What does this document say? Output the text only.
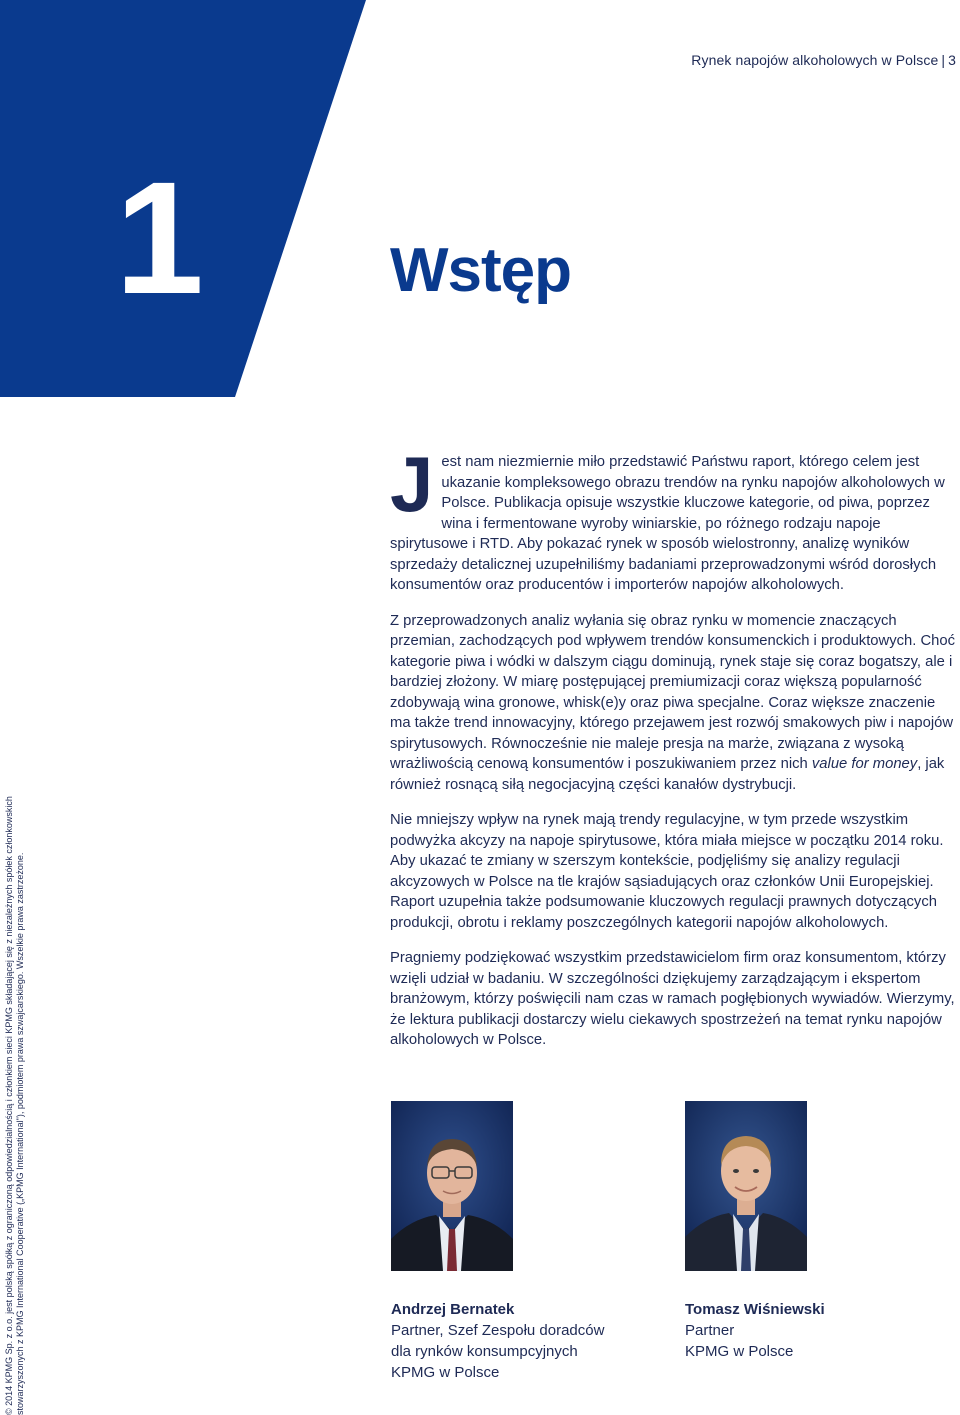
Rynek napojów alkoholowych w Polsce | 3
1	Wstęp

Jest nam niezmiernie miło przedstawić Państwu raport, którego celem jest ukazanie kompleksowego obrazu trendów na rynku napojów alkoholowych w Polsce. Publikacja opisuje wszystkie kluczowe kategorie, od piwa, poprzez wina i fermentowane wyroby winiarskie, po różnego rodzaju napoje spirytusowe i RTD. Aby pokazać rynek w sposób wielostronny, analizę wyników sprzedaży detalicznej uzupełniliśmy badaniami przeprowadzonymi wśród dorosłych konsumentów oraz producentów i importerów napojów alkoholowych.

Z przeprowadzonych analiz wyłania się obraz rynku w momencie znaczących przemian, zachodzących pod wpływem trendów konsumenckich i produktowych. Choć kategorie piwa i wódki w dalszym ciągu dominują, rynek staje się coraz bogatszy, ale i bardziej złożony. W miarę postępującej premiumizacji coraz większą popularność zdobywają wina gronowe, whisk(e)y oraz piwa specjalne. Coraz większe znaczenie ma także trend innowacyjny, którego przejawem jest rozwój smakowych piw i napojów spirytusowych. Równocześnie nie maleje presja na marże, związana z wysoką wrażliwością cenową konsumentów i poszukiwaniem przez nich value for money, jak również rosnącą siłą negocjacyjną części kanałów dystrybucji.

Nie mniejszy wpływ na rynek mają trendy regulacyjne, w tym przede wszystkim podwyżka akcyzy na napoje spirytusowe, która miała miejsce w początku 2014 roku. Aby ukazać te zmiany w szerszym kontekście, podjęliśmy się analizy regulacji akcyzowych w Polsce na tle krajów sąsiadujących oraz członków Unii Europejskiej. Raport uzupełnia także podsumowanie kluczowych regulacji prawnych dotyczących produkcji, obrotu i reklamy poszczególnych kategorii napojów alkoholowych.

Pragniemy podziękować wszystkim przedstawicielom firm oraz konsumentom, którzy wzięli udział w badaniu. W szczególności dziękujemy zarządzającym i ekspertom branżowym, którzy poświęcili nam czas w ramach pogłębionych wywiadów. Wierzymy, że lektura publikacji dostarczy wielu ciekawych spostrzeżeń na temat rynku napojów alkoholowych w Polsce.

Andrzej Bernatek
Partner, Szef Zespołu doradców
dla rynków konsumpcyjnych
KPMG w Polsce
Tomasz Wiśniewski
Partner
KPMG w Polsce
© 2014 KPMG Sp. z o.o. jest polską spółką z ograniczoną odpowiedzialnością i członkiem sieci KPMG składającej się z niezależnych spółek członkowskich stowarzyszonych z KPMG International Cooperative („KPMG International"), podmiotem prawa szwajcarskiego. Wszelkie prawa zastrzeżone.
